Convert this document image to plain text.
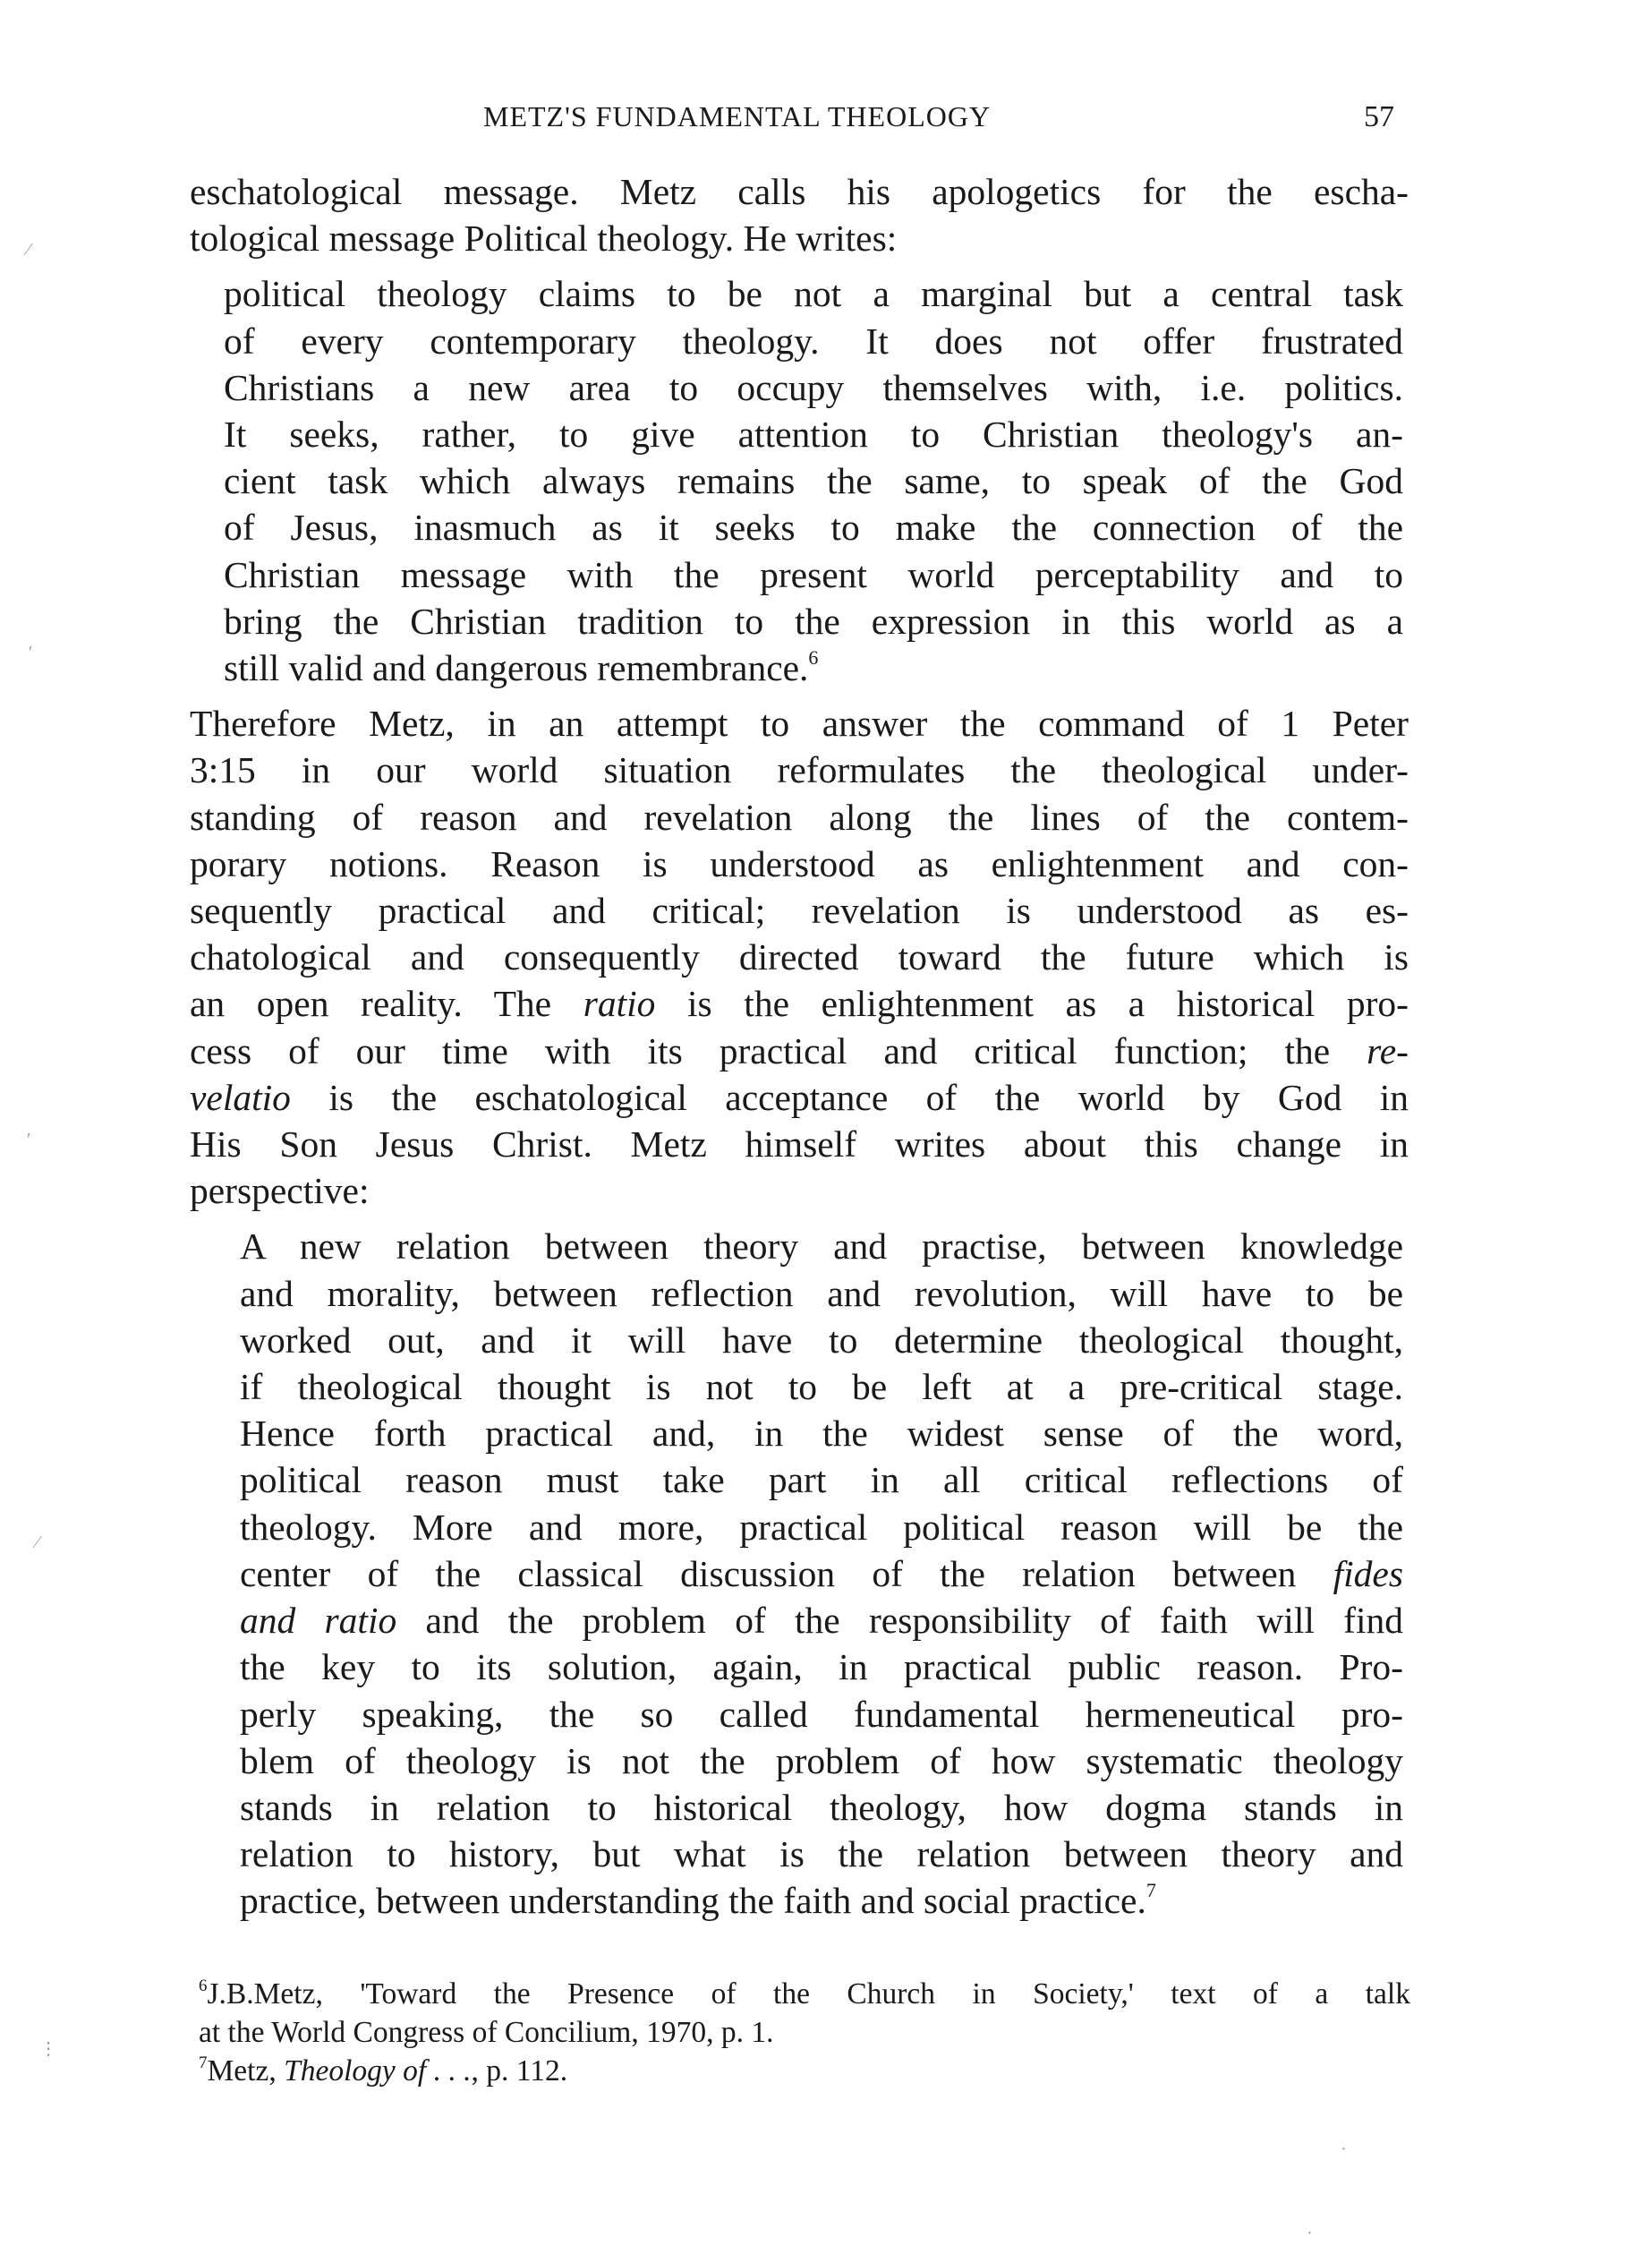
METZ'S FUNDAMENTAL THEOLOGY	57
eschatological message. Metz calls his apologetics for the escha-
tological message Political theology. He writes:
political theology claims to be not a marginal but a central task
of every contemporary theology. It does not offer frustrated
Christians a new area to occupy themselves with, i.e. politics.
It seeks, rather, to give attention to Christian theology's an-
cient task which always remains the same, to speak of the God
of Jesus, inasmuch as it seeks to make the connection of the
Christian message with the present world perceptability and to
bring the Christian tradition to the expression in this world as a
still valid and dangerous remembrance.$^6$
Therefore Metz, in an attempt to answer the command of 1 Peter
3:15 in our world situation reformulates the theological under-
standing of reason and revelation along the lines of the contem-
porary notions. Reason is understood as enlightenment and con-
sequently practical and critical; revelation is understood as es-
chatological and consequently directed toward the future which is
an open reality. The ratio is the enlightenment as a historical pro-
cess of our time with its practical and critical function; the re-
velatio is the eschatological acceptance of the world by God in
His Son Jesus Christ. Metz himself writes about this change in
perspective:
A new relation between theory and practise, between knowledge
and morality, between reflection and revolution, will have to be
worked out, and it will have to determine theological thought,
if theological thought is not to be left at a pre-critical stage.
Hence forth practical and, in the widest sense of the word,
political reason must take part in all critical reflections of
theology. More and more, practical political reason will be the
center of the classical discussion of the relation between fides
and ratio and the problem of the responsibility of faith will find
the key to its solution, again, in practical public reason. Pro-
perly speaking, the so called fundamental hermeneutical pro-
blem of theology is not the problem of how systematic theology
stands in relation to historical theology, how dogma stands in
relation to history, but what is the relation between theory and
practice, between understanding the faith and social practice.$^7$
$^6$J.B.Metz, 'Toward the Presence of the Church in Society,' text of a talk
at the World Congress of Concilium, 1970, p. 1.
$^7$Metz, Theology of . . ., p. 112.
⁄
′
′
⁄
⋮
·
·
